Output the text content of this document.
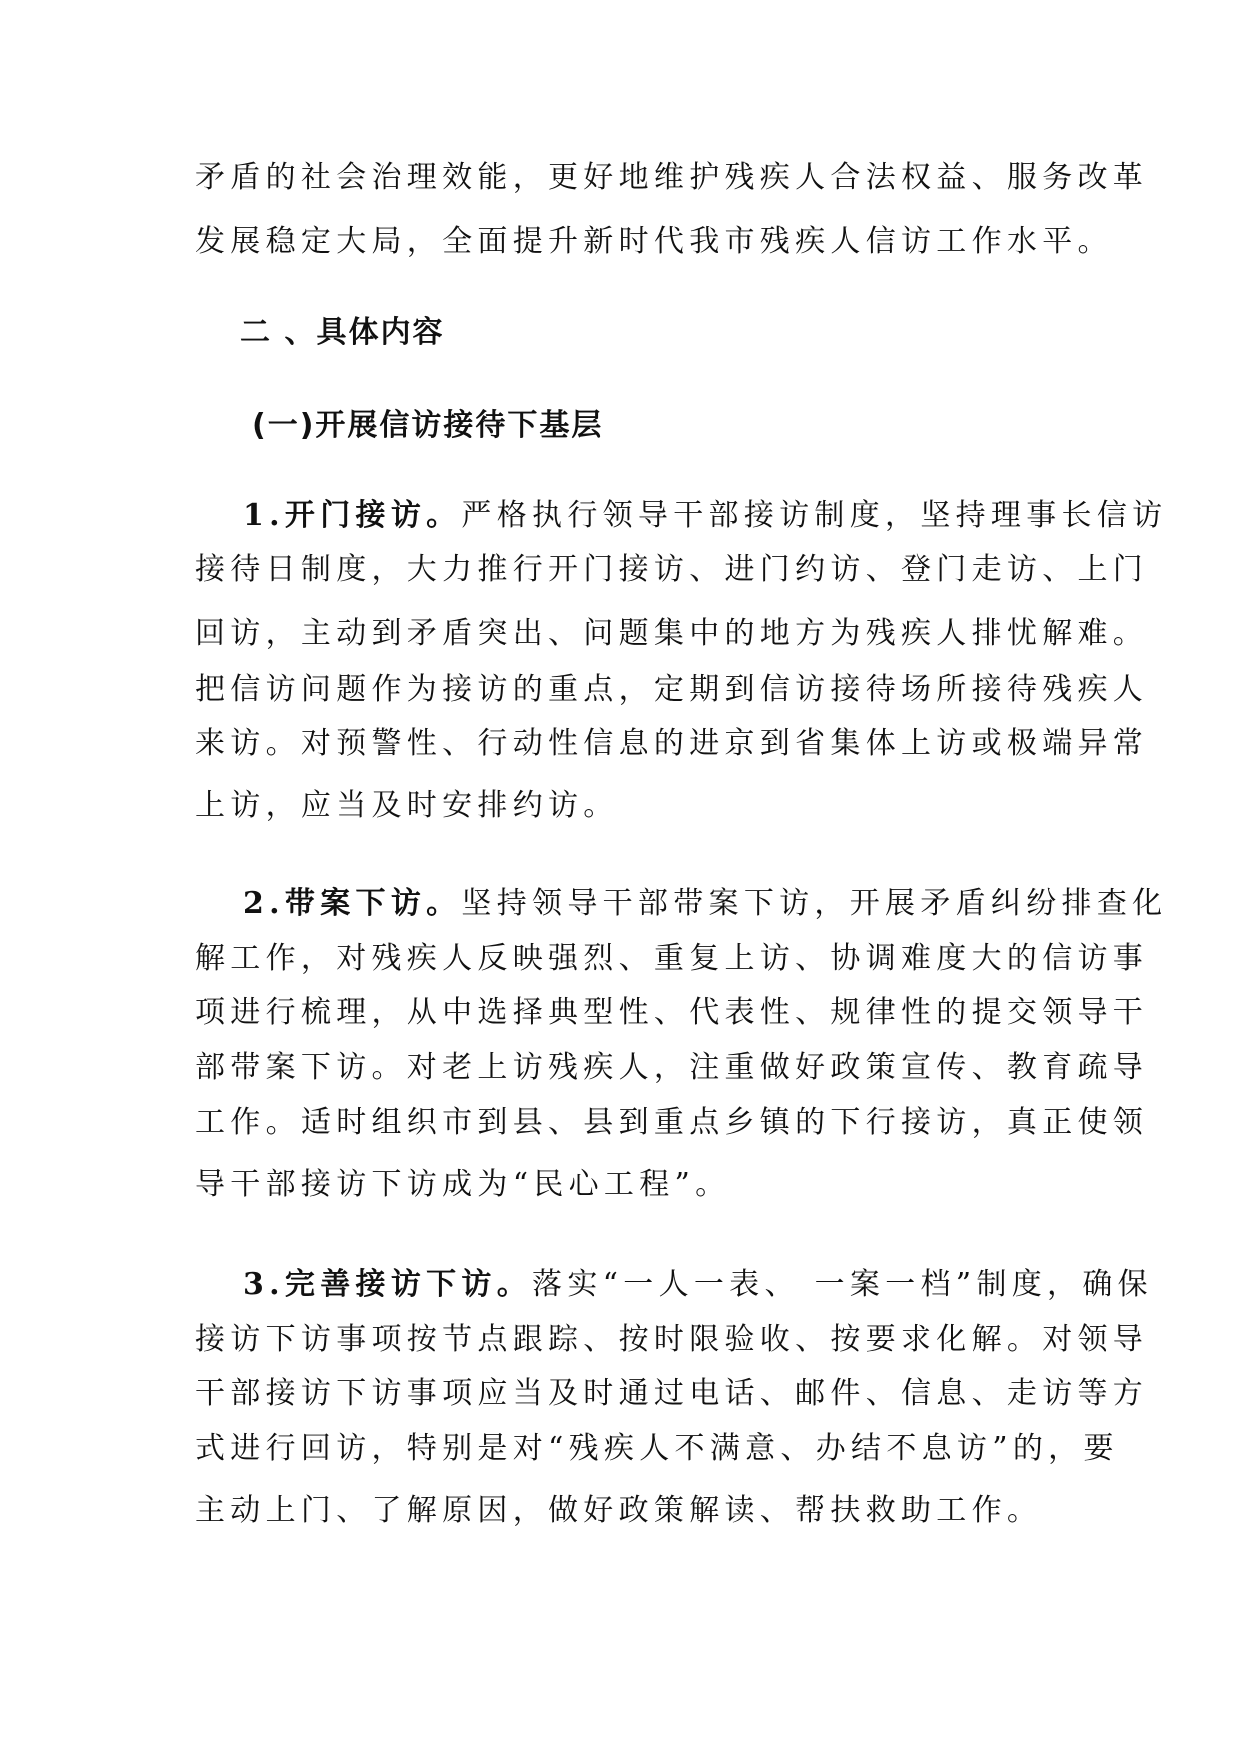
矛盾的社会治理效能，更好地维护残疾人合法权益、服务改革
发展稳定大局，全面提升新时代我市残疾人信访工作水平。
二 、具体内容
(一)开展信访接待下基层
1.开门接访。严格执行领导干部接访制度，坚持理事长信访
接待日制度，大力推行开门接访、进门约访、登门走访、上门
回访，主动到矛盾突出、问题集中的地方为残疾人排忧解难。
把信访问题作为接访的重点，定期到信访接待场所接待残疾人
来访。对预警性、行动性信息的进京到省集体上访或极端异常
上访，应当及时安排约访。
2.带案下访。坚持领导干部带案下访，开展矛盾纠纷排查化
解工作，对残疾人反映强烈、重复上访、协调难度大的信访事
项进行梳理，从中选择典型性、代表性、规律性的提交领导干
部带案下访。对老上访残疾人，注重做好政策宣传、教育疏导
工作。适时组织市到县、县到重点乡镇的下行接访，真正使领
导干部接访下访成为“民心工程”。
3.完善接访下访。落实“一人一表、 一案一档”制度，确保
接访下访事项按节点跟踪、按时限验收、按要求化解。对领导
干部接访下访事项应当及时通过电话、邮件、信息、走访等方
式进行回访，特别是对“残疾人不满意、办结不息访”的，要
主动上门、了解原因，做好政策解读、帮扶救助工作。
